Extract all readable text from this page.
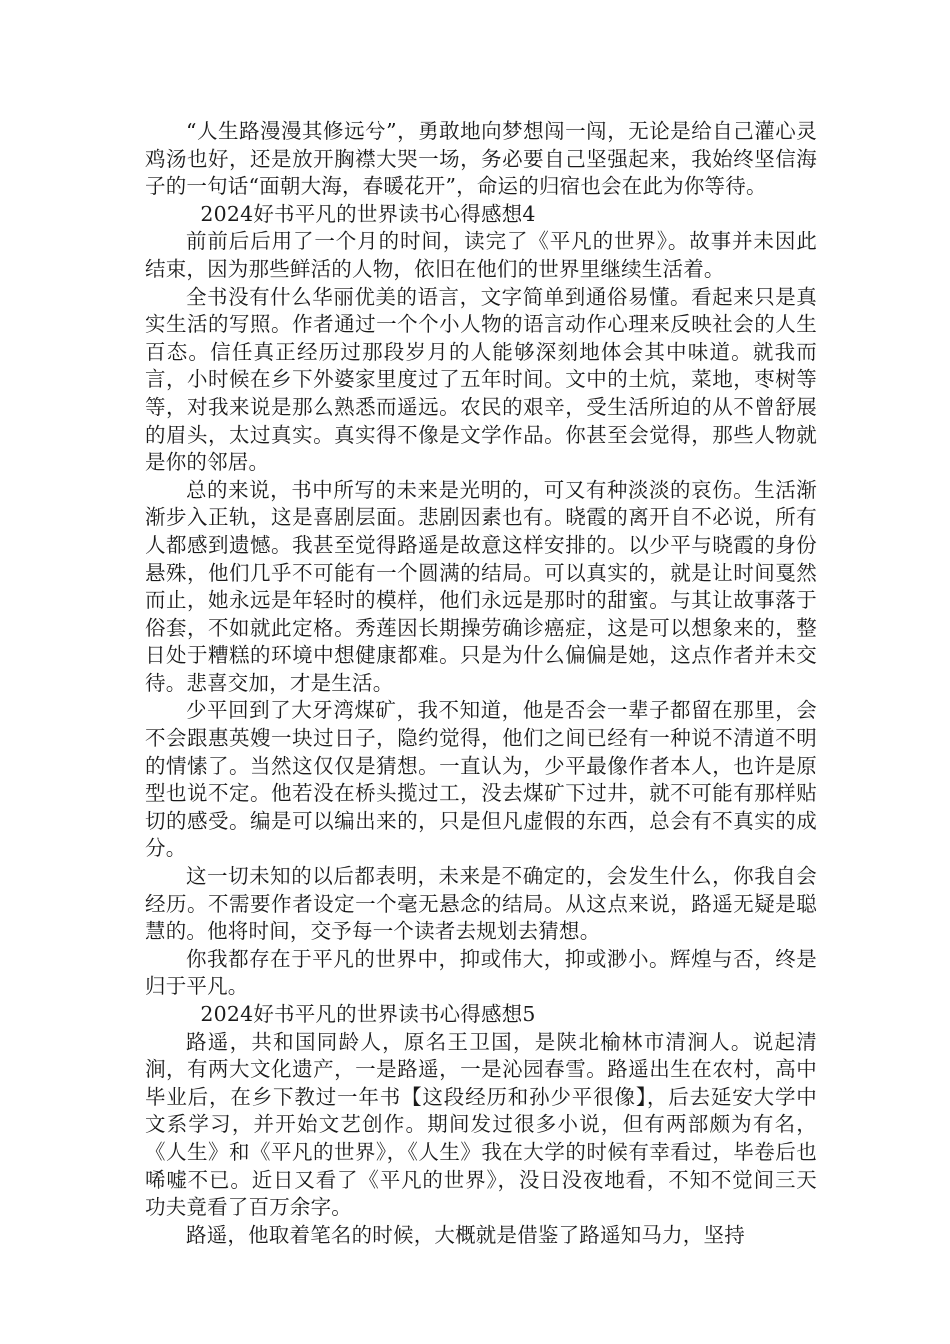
“人生路漫漫其修远兮”，勇敢地向梦想闯一闯，无论是给自己灌心灵鸡汤也好，还是放开胸襟大哭一场，务必要自己坚强起来，我始终坚信海子的一句话“面朝大海，春暖花开”，命运的归宿也会在此为你等待。

2024好书平凡的世界读书心得感想4

前前后后用了一个月的时间，读完了《平凡的世界》。故事并未因此结束，因为那些鲜活的人物，依旧在他们的世界里继续生活着。

全书没有什么华丽优美的语言，文字简单到通俗易懂。看起来只是真实生活的写照。作者通过一个个小人物的语言动作心理来反映社会的人生百态。信任真正经历过那段岁月的人能够深刻地体会其中味道。就我而言，小时候在乡下外婆家里度过了五年时间。文中的土炕，菜地，枣树等等，对我来说是那么熟悉而遥远。农民的艰辛，受生活所迫的从不曾舒展的眉头，太过真实。真实得不像是文学作品。你甚至会觉得，那些人物就是你的邻居。

总的来说，书中所写的未来是光明的，可又有种淡淡的哀伤。生活渐渐步入正轨，这是喜剧层面。悲剧因素也有。晓霞的离开自不必说，所有人都感到遗憾。我甚至觉得路遥是故意这样安排的。以少平与晓霞的身份悬殊，他们几乎不可能有一个圆满的结局。可以真实的，就是让时间戛然而止，她永远是年轻时的模样，他们永远是那时的甜蜜。与其让故事落于俗套，不如就此定格。秀莲因长期操劳确诊癌症，这是可以想象来的，整日处于糟糕的环境中想健康都难。只是为什么偏偏是她，这点作者并未交待。悲喜交加，才是生活。

少平回到了大牙湾煤矿，我不知道，他是否会一辈子都留在那里，会不会跟惠英嫂一块过日子，隐约觉得，他们之间已经有一种说不清道不明的情愫了。当然这仅仅是猜想。一直认为，少平最像作者本人，也许是原型也说不定。他若没在桥头揽过工，没去煤矿下过井，就不可能有那样贴切的感受。编是可以编出来的，只是但凡虚假的东西，总会有不真实的成分。

这一切未知的以后都表明，未来是不确定的，会发生什么，你我自会经历。不需要作者设定一个毫无悬念的结局。从这点来说，路遥无疑是聪慧的。他将时间，交予每一个读者去规划去猜想。

你我都存在于平凡的世界中，抑或伟大，抑或渺小。辉煌与否，终是归于平凡。

2024好书平凡的世界读书心得感想5

路遥，共和国同龄人，原名王卫国，是陕北榆林市清涧人。说起清涧，有两大文化遗产，一是路遥，一是沁园春雪。路遥出生在农村，高中毕业后，在乡下教过一年书【这段经历和孙少平很像】，后去延安大学中文系学习，并开始文艺创作。期间发过很多小说，但有两部颇为有名，《人生》和《平凡的世界》，《人生》我在大学的时候有幸看过，毕卷后也唏嘘不已。近日又看了《平凡的世界》，没日没夜地看，不知不觉间三天功夫竟看了百万余字。

路遥，他取着笔名的时候，大概就是借鉴了路遥知马力，坚持
